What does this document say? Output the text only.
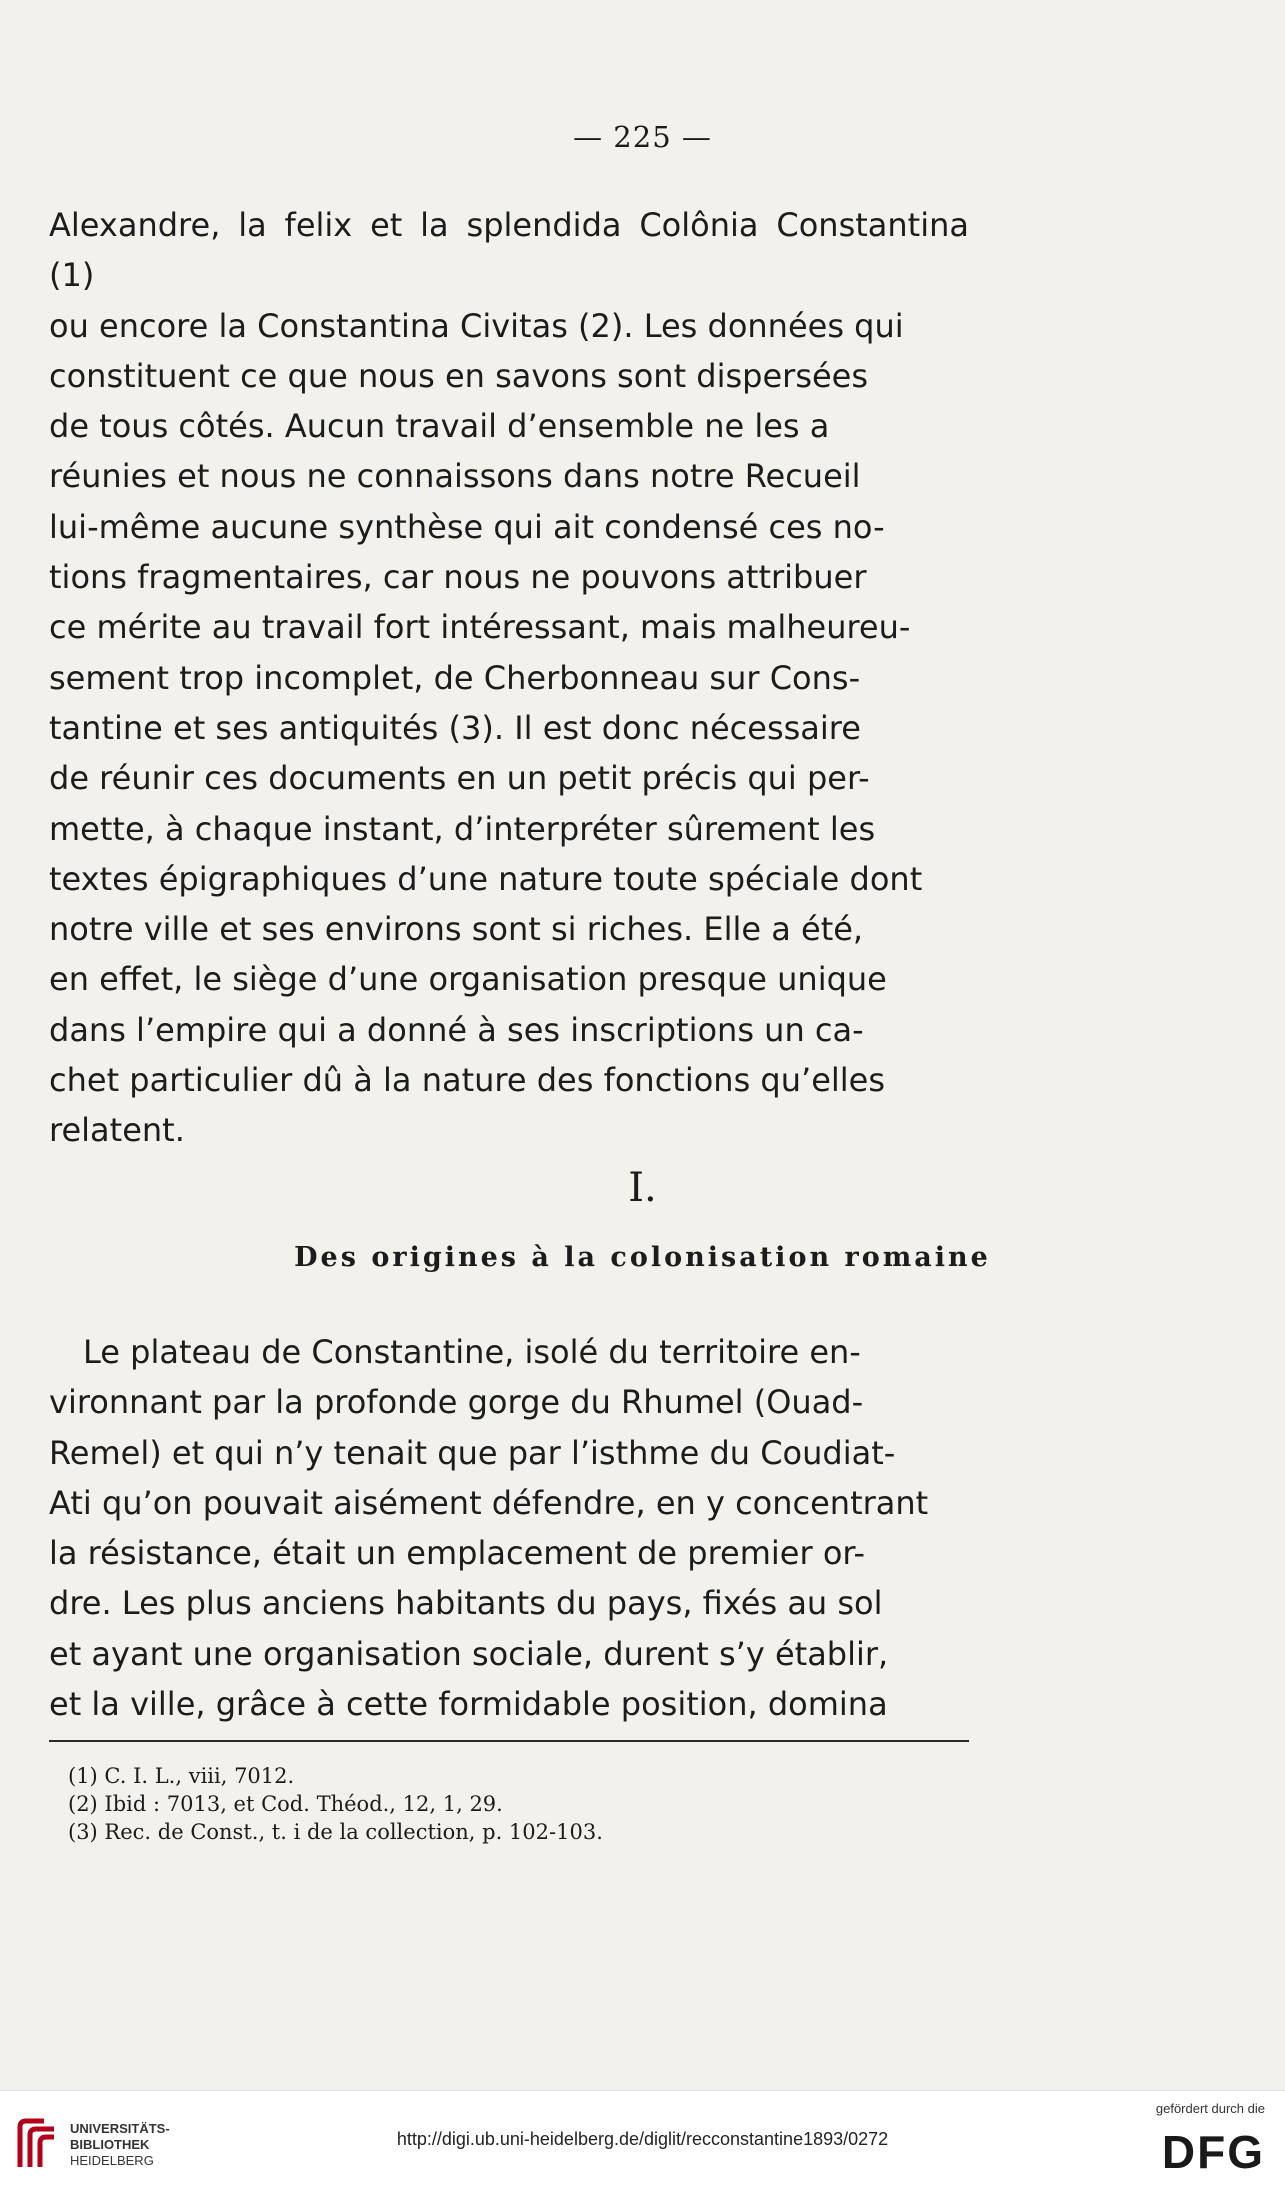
— 225 —

Alexandre, la felix et la splendida Colônia Constantina (1)

ou encore la Constantina Civitas (2). Les données qui

constituent ce que nous en savons sont dispersées

de tous côtés. Aucun travail d’ensemble ne les a

réunies et nous ne connaissons dans notre Recueil

lui-même aucune synthèse qui ait condensé ces no-

tions fragmentaires, car nous ne pouvons attribuer

ce mérite au travail fort intéressant, mais malheureu-

sement trop incomplet, de Cherbonneau sur Cons-

tantine et ses antiquités (3). Il est donc nécessaire

de réunir ces documents en un petit précis qui per-

mette, à chaque instant, d’interpréter sûrement les

textes épigraphiques d’une nature toute spéciale dont

notre ville et ses environs sont si riches. Elle a été,

en effet, le siège d’une organisation presque unique

dans l’empire qui a donné à ses inscriptions un ca-

chet particulier dû à la nature des fonctions qu’elles

relatent.

I.
Des origines à la colonisation romaine

Le plateau de Constantine, isolé du territoire en-

vironnant par la profonde gorge du Rhumel (Ouad-

Remel) et qui n’y tenait que par l’isthme du Coudiat-

Ati qu’on pouvait aisément défendre, en y concentrant

la résistance, était un emplacement de premier or-

dre. Les plus anciens habitants du pays, fixés au sol

et ayant une organisation sociale, durent s’y établir,

et la ville, grâce à cette formidable position, domina

(1) C. I. L., viii, 7012.
(2) Ibid : 7013, et Cod. Théod., 12, 1, 29.
(3) Rec. de Const., t. i de la collection, p. 102-103.
UNIVERSITÄTS-
BIBLIOTHEK
HEIDELBERG
http://digi.ub.uni-heidelberg.de/diglit/recconstantine1893/0272
gefördert durch die
DFG
